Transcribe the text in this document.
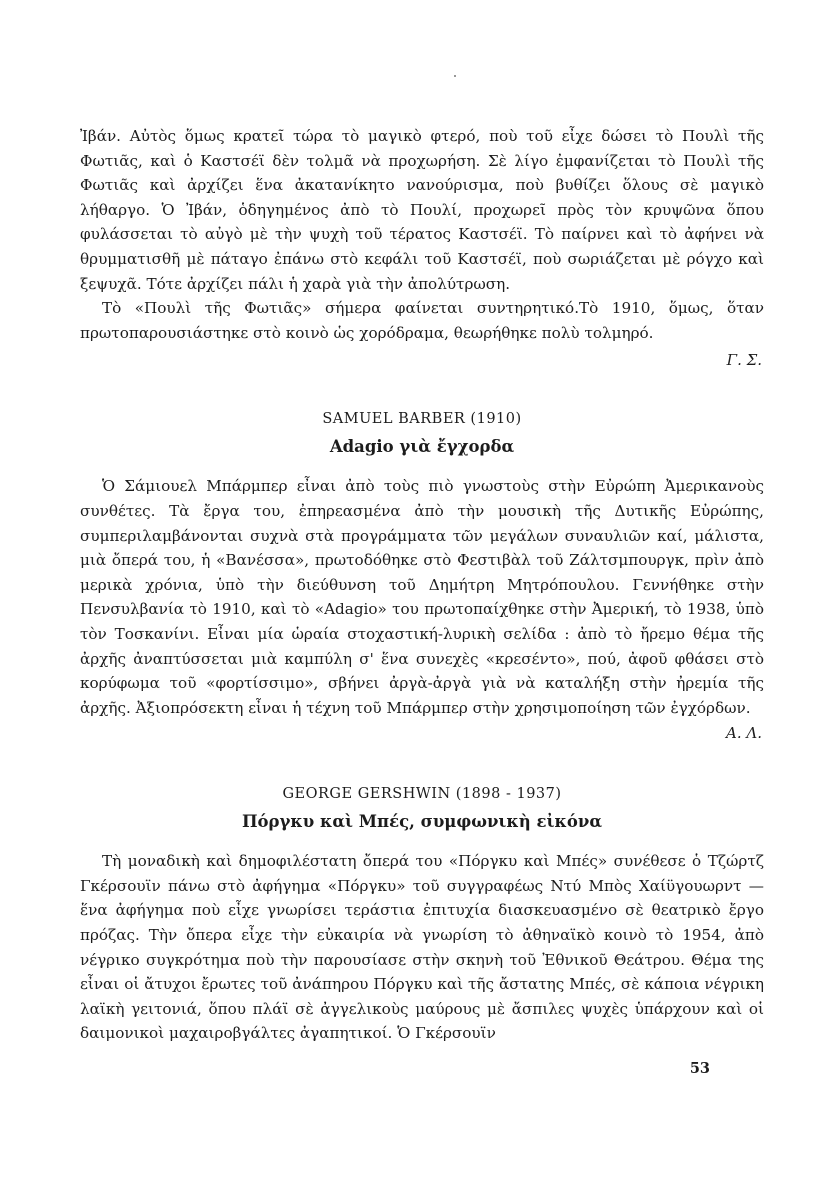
Ἰβάν. Αὐτὸς ὅμως κρατεῖ τώρα τὸ μαγικὸ φτερό, ποὺ τοῦ εἶχε δώσει τὸ Πουλὶ τῆς Φωτιᾶς, καὶ ὁ Καστσέϊ δὲν τολμᾶ νὰ προχωρήση. Σὲ λίγο ἐμφανίζεται τὸ Πουλὶ τῆς Φωτιᾶς καὶ ἀρχίζει ἕνα ἀκατανίκητο νανούρισμα, ποὺ βυθίζει ὅλους σὲ μαγικὸ λήθαργο. Ὁ Ἰβάν, ὁδηγημένος ἀπὸ τὸ Πουλί, προχωρεῖ πρὸς τὸν κρυψῶνα ὅπου φυλάσσεται τὸ αὐγὸ μὲ τὴν ψυχὴ τοῦ τέρατος Καστσέϊ. Τὸ παίρνει καὶ τὸ ἀφήνει νὰ θρυμματισθῆ μὲ πάταγο ἐπάνω στὸ κεφάλι τοῦ Καστσέϊ, ποὺ σωριάζεται μὲ ρόγχο καὶ ξεψυχᾶ. Τότε ἀρχίζει πάλι ἡ χαρὰ γιὰ τὴν ἀπολύτρωση.

Τὸ «Πουλὶ τῆς Φωτιᾶς» σήμερα φαίνεται συντηρητικό.Τὸ 1910, ὅμως, ὅταν πρωτοπαρουσιάστηκε στὸ κοινὸ ὡς χορόδραμα, θεωρήθηκε πολὺ τολμηρό.

Γ. Σ.

SAMUEL BARBER (1910)

Adagio γιὰ ἔγχορδα

Ὁ Σάμιουελ Μπάρμπερ εἶναι ἀπὸ τοὺς πιὸ γνωστοὺς στὴν Εὐρώπη Ἀμερικανοὺς συνθέτες. Τὰ ἔργα του, ἐπηρεασμένα ἀπὸ τὴν μουσικὴ τῆς Δυτικῆς Εὐρώπης, συμπεριλαμβάνονται συχνὰ στὰ προγράμματα τῶν μεγάλων συναυλιῶν καί, μάλιστα, μιὰ ὄπερά του, ἡ «Βανέσσα», πρωτοδόθηκε στὸ Φεστιβὰλ τοῦ Ζάλτσμπουργκ, πρὶν ἀπὸ μερικὰ χρόνια, ὑπὸ τὴν διεύθυνση τοῦ Δημήτρη Μητρόπουλου. Γεννήθηκε στὴν Πενσυλβανία τὸ 1910, καὶ τὸ «Adagio» του πρωτοπαίχθηκε στὴν Ἀμερική, τὸ 1938, ὑπὸ τὸν Τοσκανίνι. Εἶναι μία ὡραία στοχαστική-λυρικὴ σελίδα : ἀπὸ τὸ ἤρεμο θέμα τῆς ἀρχῆς ἀναπτύσσεται μιὰ καμπύλη σ' ἕνα συνεχὲς «κρεσέντο», πού, ἀφοῦ φθάσει στὸ κορύφωμα τοῦ «φορτίσσιμο», σβήνει ἀργὰ-ἀργὰ γιὰ νὰ καταλήξη στὴν ἠρεμία τῆς ἀρχῆς. Ἀξιοπρόσεκτη εἶναι ἡ τέχνη τοῦ Μπάρμπερ στὴν χρησιμοποίηση τῶν ἐγχόρδων.

Α. Λ.

GEORGE GERSHWIN (1898 - 1937)

Πόργκυ καὶ Μπές, συμφωνικὴ εἰκόνα

Τὴ μοναδικὴ καὶ δημοφιλέστατη ὄπερά του «Πόργκυ καὶ Μπές» συνέθεσε ὁ Τζώρτζ Γκέρσουϊν πάνω στὸ ἀφήγημα «Πόργκυ» τοῦ συγγραφέως Ντύ Μπὸς Χαίϋγουωρντ — ἕνα ἀφήγημα ποὺ εἶχε γνωρίσει τεράστια ἐπιτυχία διασκευασμένο σὲ θεατρικὸ ἔργο πρόζας. Τὴν ὄπερα εἶχε τὴν εὐκαιρία νὰ γνωρίση τὸ ἀθηναϊκὸ κοινὸ τὸ 1954, ἀπὸ νέγρικο συγκρότημα ποὺ τὴν παρουσίασε στὴν σκηνὴ τοῦ Ἐθνικοῦ Θεάτρου. Θέμα της εἶναι οἱ ἄτυχοι ἔρωτες τοῦ ἀνάπηρου Πόργκυ καὶ τῆς ἄστατης Μπές, σὲ κάποια νέγρικη λαϊκὴ γειτονιά, ὅπου πλάϊ σὲ ἀγγελικοὺς μαύρους μὲ ἄσπιλες ψυχὲς ὑπάρχουν καὶ οἱ δαιμονικοὶ μαχαιροβγάλτες ἀγαπητικοί. Ὁ Γκέρσουϊν

53
